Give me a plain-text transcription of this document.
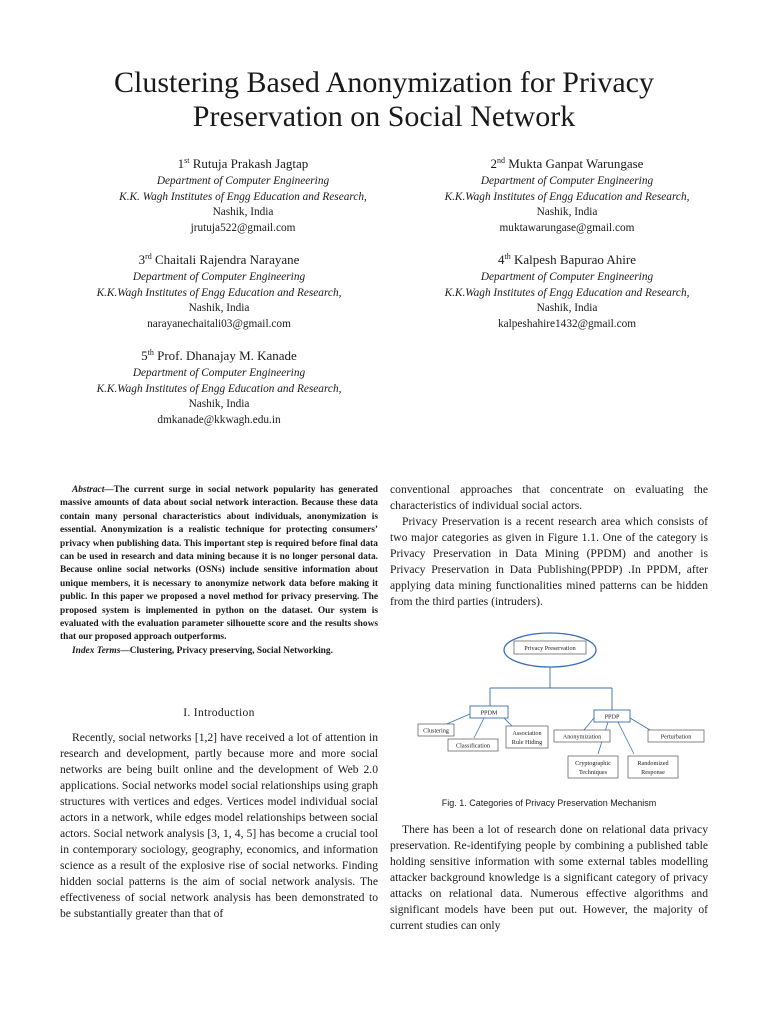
Clustering Based Anonymization for Privacy
Preservation on Social Network
1st Rutuja Prakash Jagtap
Department of Computer Engineering
K.K. Wagh Institutes of Engg Education and Research,
Nashik, India
jrutuja522@gmail.com
2nd Mukta Ganpat Warungase
Department of Computer Engineering
K.K.Wagh Institutes of Engg Education and Research,
Nashik, India
muktawarungase@gmail.com
3rd Chaitali Rajendra Narayane
Department of Computer Engineering
K.K.Wagh Institutes of Engg Education and Research,
Nashik, India
narayanechaitali03@gmail.com
4th Kalpesh Bapurao Ahire
Department of Computer Engineering
K.K.Wagh Institutes of Engg Education and Research,
Nashik, India
kalpeshahire1432@gmail.com
5th Prof. Dhanajay M. Kanade
Department of Computer Engineering
K.K.Wagh Institutes of Engg Education and Research,
Nashik, India
dmkanade@kkwagh.edu.in

Abstract—The current surge in social network popularity has generated massive amounts of data about social network interaction. Because these data contain many personal characteristics about individuals, anonymization is essential. Anonymization is a realistic technique for protecting consumers’ privacy when publishing data. This important step is required before final data can be used in research and data mining because it is no longer personal data. Because online social networks (OSNs) include sensitive information about unique members, it is necessary to anonymize network data before making it public. In this paper we proposed a novel method for privacy preserving. The proposed system is implemented in python on the dataset. Our system is evaluated with the evaluation parameter silhouette score and the results shows that our proposed approach outperforms.

Index Terms—Clustering, Privacy preserving, Social Networking.

I. Introduction

Recently, social networks [1,2] have received a lot of attention in research and development, partly because more and more social networks are being built online and the development of Web 2.0 applications. Social networks model social relationships using graph structures with vertices and edges. Vertices model individual social actors in a network, while edges model relationships between social actors. Social network analysis [3, 1, 4, 5] has become a crucial tool in contemporary sociology, geography, economics, and information science as a result of the explosive rise of social networks. Finding hidden social patterns is the aim of social network analysis. The effectiveness of social network analysis has been demonstrated to be substantially greater than that of

conventional approaches that concentrate on evaluating the characteristics of individual social actors.

Privacy Preservation is a recent research area which consists of two major categories as given in Figure 1.1. One of the category is Privacy Preservation in Data Mining (PPDM) and another is Privacy Preservation in Data Publishing(PPDP) .In PPDM, after applying data mining functionalities mined patterns can be hidden from the third parties (intruders).

Privacy Preservation
PPDM
PPDP
Clustering
Classification
Association
Rule Hiding
Anonymization	Perturbation
Cryptographic
Techniques
Randomized
Response
Fig. 1. Categories of Privacy Preservation Mechanism

There has been a lot of research done on relational data privacy preservation. Re-identifying people by combining a published table holding sensitive information with some external tables modelling attacker background knowledge is a significant category of privacy attacks on relational data. Numerous effective algorithms and significant models have been put out. However, the majority of current studies can only
